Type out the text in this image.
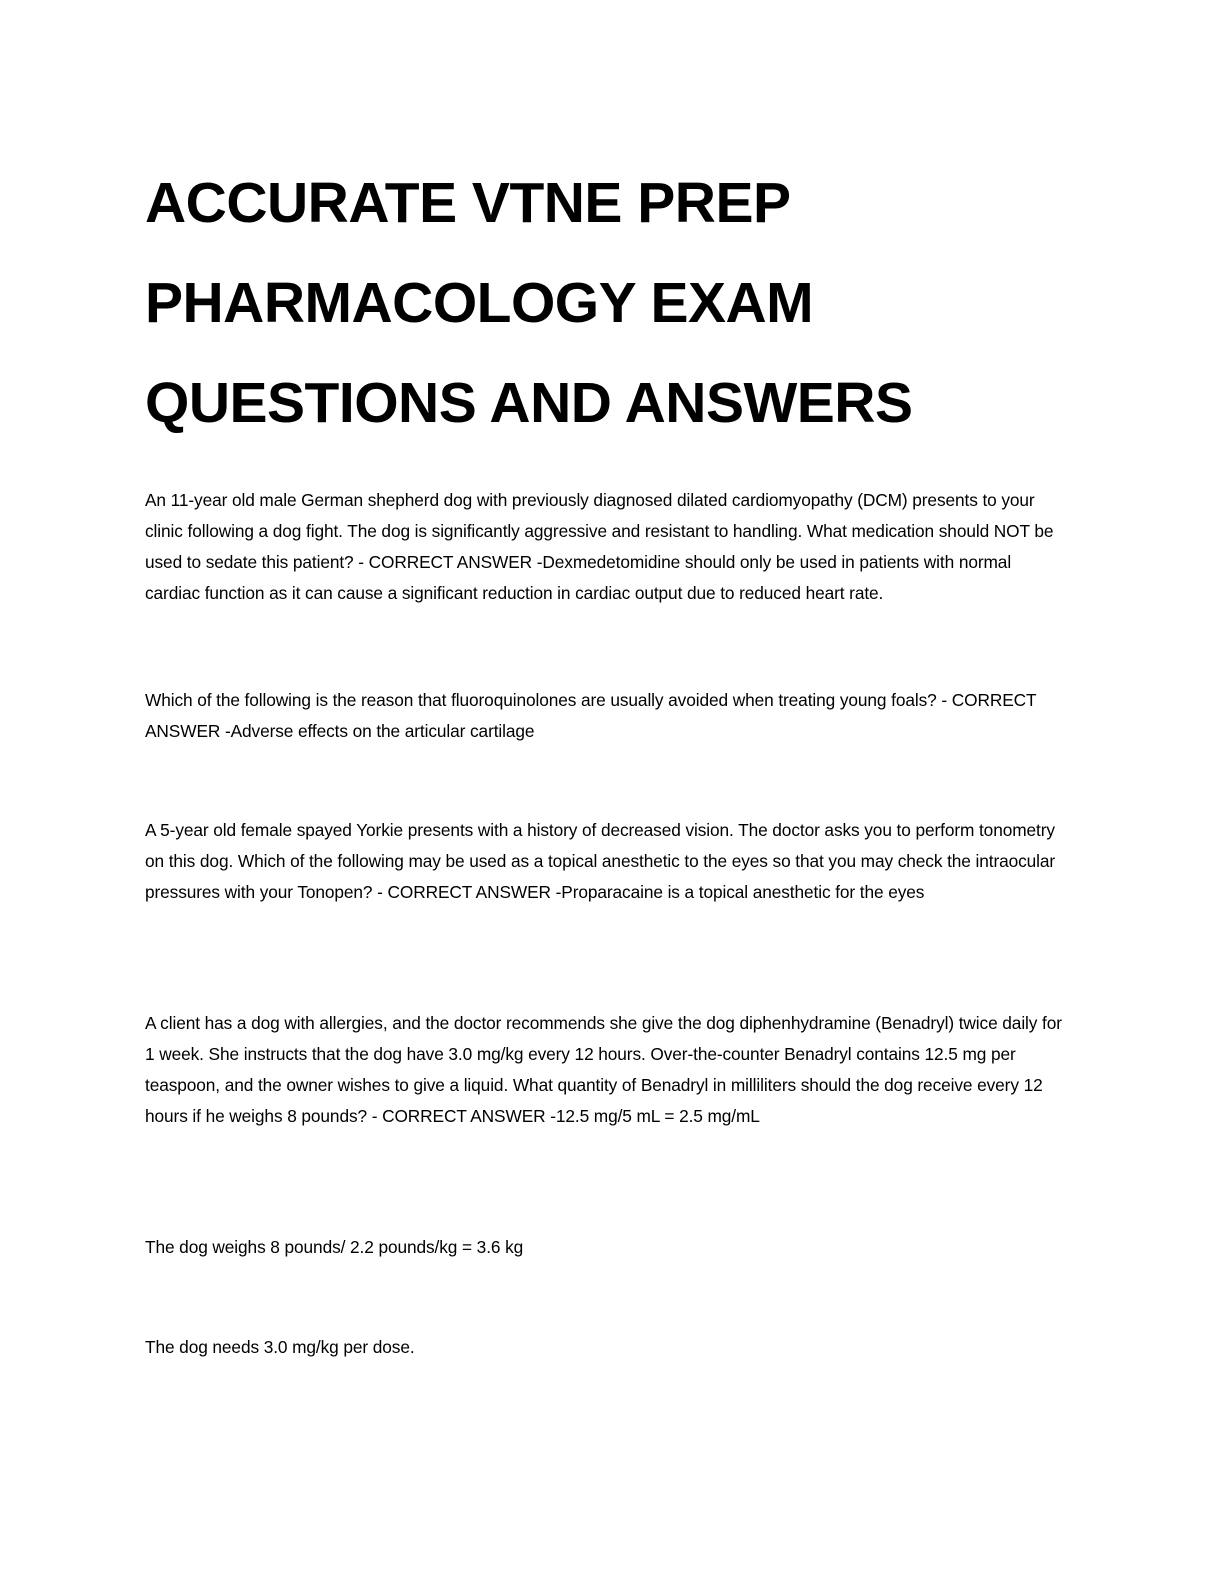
ACCURATE VTNE PREP
PHARMACOLOGY EXAM
QUESTIONS AND ANSWERS

An 11-year old male German shepherd dog with previously diagnosed dilated cardiomyopathy (DCM) presents to your clinic following a dog fight. The dog is significantly aggressive and resistant to handling. What medication should NOT be used to sedate this patient? - CORRECT ANSWER -Dexmedetomidine should only be used in patients with normal cardiac function as it can cause a significant reduction in cardiac output due to reduced heart rate.

Which of the following is the reason that fluoroquinolones are usually avoided when treating young foals? - CORRECT ANSWER -Adverse effects on the articular cartilage

A 5-year old female spayed Yorkie presents with a history of decreased vision. The doctor asks you to perform tonometry on this dog. Which of the following may be used as a topical anesthetic to the eyes so that you may check the intraocular pressures with your Tonopen? - CORRECT ANSWER -Proparacaine is a topical anesthetic for the eyes

A client has a dog with allergies, and the doctor recommends she give the dog diphenhydramine (Benadryl) twice daily for 1 week. She instructs that the dog have 3.0 mg/kg every 12 hours. Over-the-counter Benadryl contains 12.5 mg per teaspoon, and the owner wishes to give a liquid. What quantity of Benadryl in milliliters should the dog receive every 12 hours if he weighs 8 pounds? - CORRECT ANSWER -12.5 mg/5 mL = 2.5 mg/mL

The dog weighs 8 pounds/ 2.2 pounds/kg = 3.6 kg

The dog needs 3.0 mg/kg per dose.
